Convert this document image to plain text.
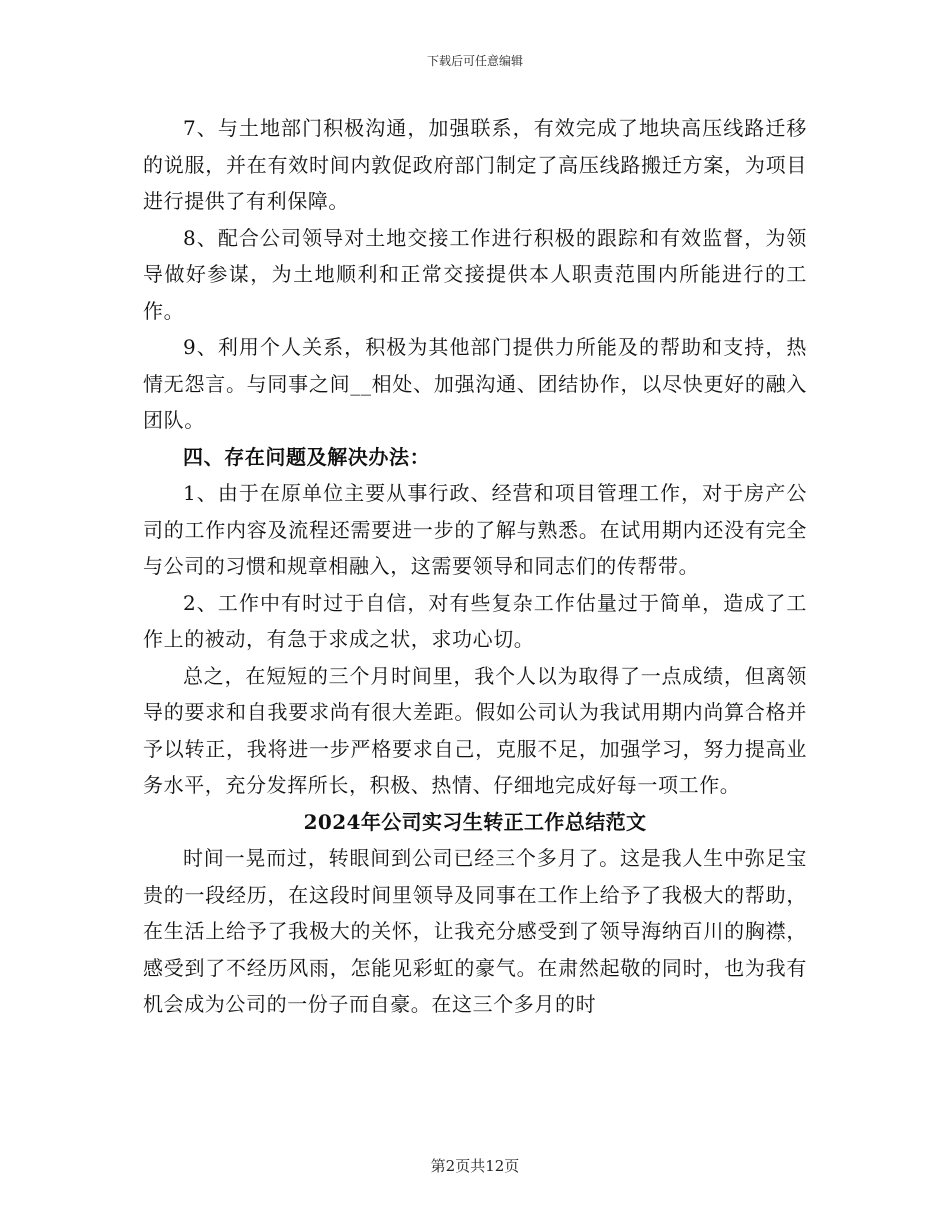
下载后可任意编辑

7、与土地部门积极沟通，加强联系，有效完成了地块高压线路迁移的说服，并在有效时间内敦促政府部门制定了高压线路搬迁方案，为项目进行提供了有利保障。

8、配合公司领导对土地交接工作进行积极的跟踪和有效监督，为领导做好参谋，为土地顺利和正常交接提供本人职责范围内所能进行的工作。

9、利用个人关系，积极为其他部门提供力所能及的帮助和支持，热情无怨言。与同事之间__相处、加强沟通、团结协作，以尽快更好的融入团队。

四、存在问题及解决办法：

1、由于在原单位主要从事行政、经营和项目管理工作，对于房产公司的工作内容及流程还需要进一步的了解与熟悉。在试用期内还没有完全与公司的习惯和规章相融入，这需要领导和同志们的传帮带。

2、工作中有时过于自信，对有些复杂工作估量过于简单，造成了工作上的被动，有急于求成之状，求功心切。

总之，在短短的三个月时间里，我个人以为取得了一点成绩，但离领导的要求和自我要求尚有很大差距。假如公司认为我试用期内尚算合格并予以转正，我将进一步严格要求自己，克服不足，加强学习，努力提高业务水平，充分发挥所长，积极、热情、仔细地完成好每一项工作。

2024年公司实习生转正工作总结范文

时间一晃而过，转眼间到公司已经三个多月了。这是我人生中弥足宝贵的一段经历，在这段时间里领导及同事在工作上给予了我极大的帮助，在生活上给予了我极大的关怀，让我充分感受到了领导海纳百川的胸襟，感受到了不经历风雨，怎能见彩虹的豪气。在肃然起敬的同时，也为我有机会成为公司的一份子而自豪。在这三个多月的时

第2页共12页
